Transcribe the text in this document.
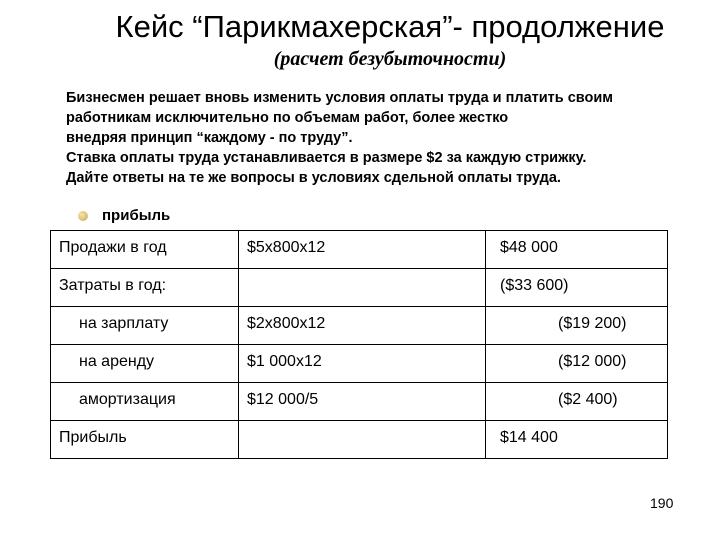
Кейс “Парикмахерская”- продолжение
(расчет безубыточности)
Бизнесмен решает вновь изменить условия оплаты труда и платить своим
работникам исключительно по объемам работ, более жестко
внедряя принцип “каждому - по труду”.
Ставка оплаты труда устанавливается в размере $2 за каждую стрижку.
Дайте ответы на те же вопросы в условиях сдельной оплаты труда.
прибыль
Продажи в год	$5x800x12	$48 000
Затраты в год:		($33 600)
на зарплату	$2x800x12	($19 200)
на аренду	$1 000x12	($12 000)
амортизация	$12 000/5	($2 400)
Прибыль		$14 400
190
